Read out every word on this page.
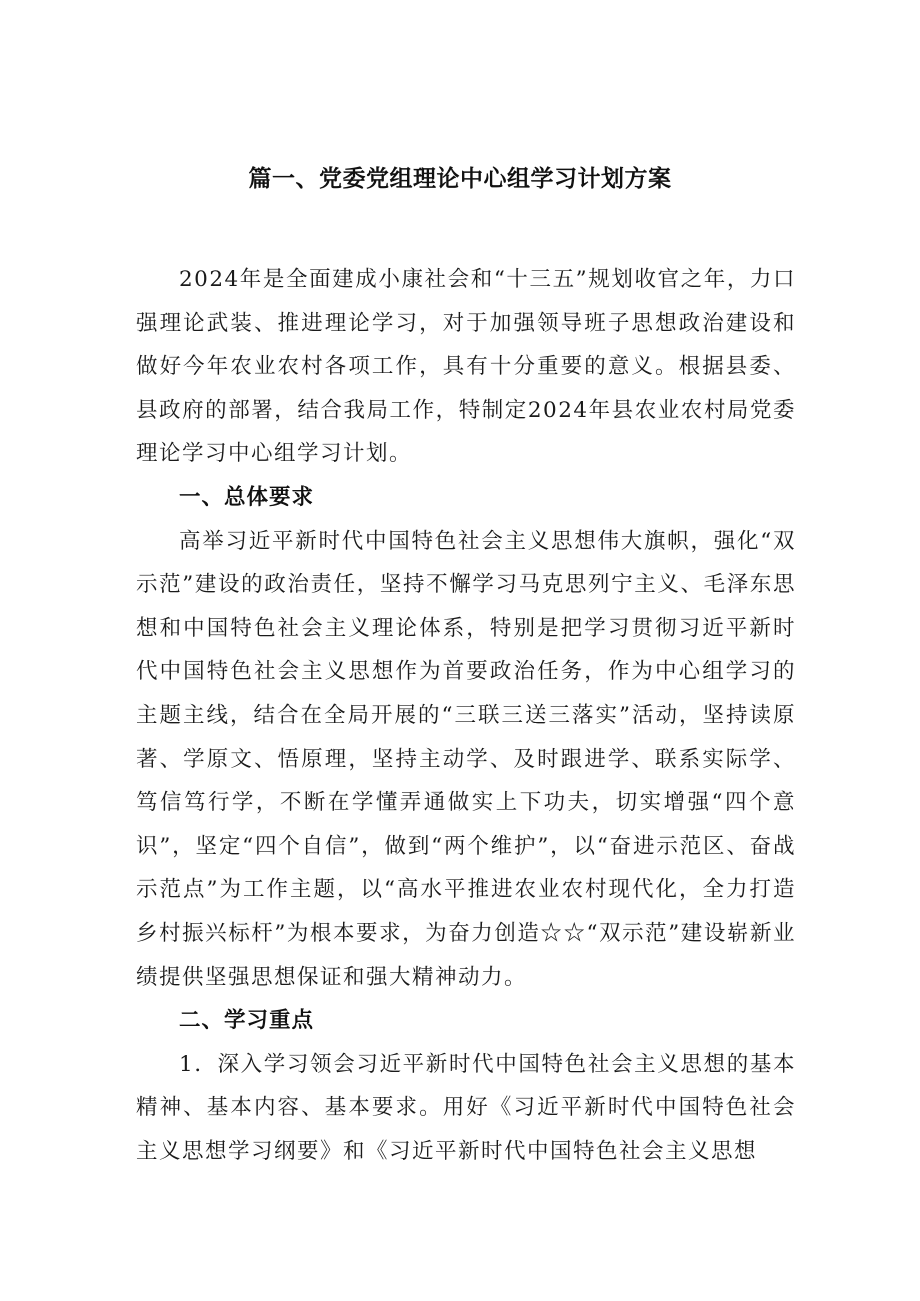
篇一、党委党组理论中心组学习计划方案

2024年是全面建成小康社会和“十三五”规划收官之年，力口强理论武装、推进理论学习，对于加强领导班子思想政治建设和做好今年农业农村各项工作，具有十分重要的意义。根据县委、县政府的部署，结合我局工作，特制定2024年县农业农村局党委理论学习中心组学习计划。

一、总体要求

高举习近平新时代中国特色社会主义思想伟大旗帜，强化“双示范”建设的政治责任，坚持不懈学习马克思列宁主义、毛泽东思想和中国特色社会主义理论体系，特别是把学习贯彻习近平新时代中国特色社会主义思想作为首要政治任务，作为中心组学习的主题主线，结合在全局开展的“三联三送三落实”活动，坚持读原著、学原文、悟原理，坚持主动学、及时跟进学、联系实际学、笃信笃行学，不断在学懂弄通做实上下功夫，切实增强“四个意识”，坚定“四个自信”，做到“两个维护”，以“奋进示范区、奋战示范点”为工作主题，以“高水平推进农业农村现代化，全力打造乡村振兴标杆”为根本要求，为奋力创造☆☆“双示范”建设崭新业绩提供坚强思想保证和强大精神动力。

二、学习重点

1．深入学习领会习近平新时代中国特色社会主义思想的基本精神、基本内容、基本要求。用好《习近平新时代中国特色社会主义思想学习纲要》和《习近平新时代中国特色社会主义思想
